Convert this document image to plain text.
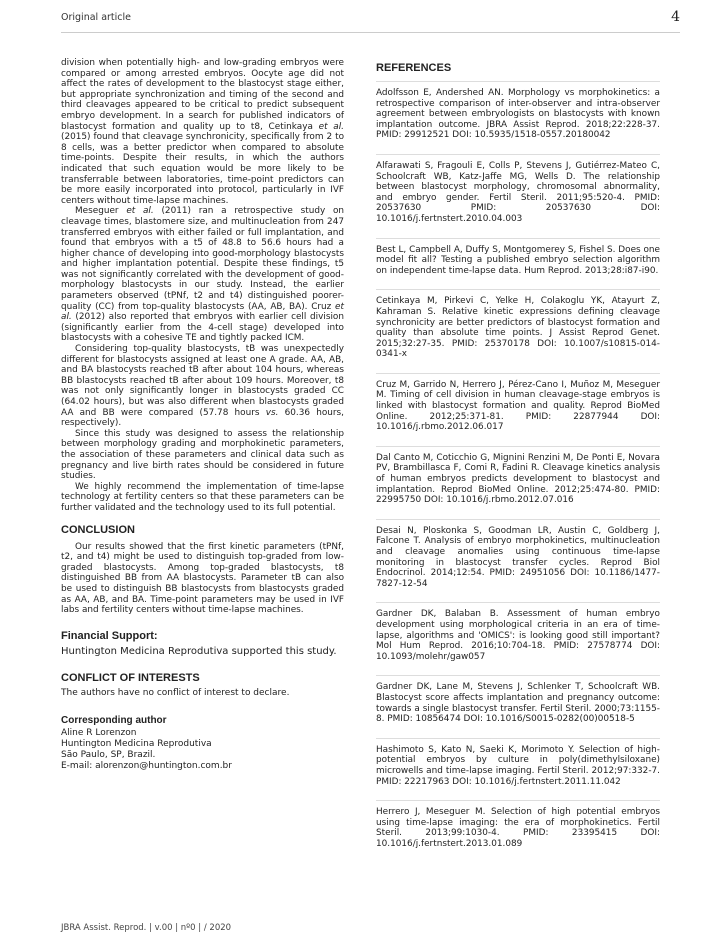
Original article	4

division when potentially high- and low-grading embryos were compared or among arrested embryos. Oocyte age did not affect the rates of development to the blastocyst stage either, but appropriate synchronization and timing of the second and third cleavages appeared to be critical to predict subsequent embryo development. In a search for published indicators of blastocyst formation and quality up to t8, Cetinkaya et al. (2015) found that cleavage synchronicity, specifically from 2 to 8 cells, was a better predictor when compared to absolute time-points. Despite their results, in which the authors indicated that such equation would be more likely to be transferrable between laboratories, time-point predictors can be more easily incorporated into protocol, particularly in IVF centers without time-lapse machines.

Meseguer et al. (2011) ran a retrospective study on cleavage times, blastomere size, and multinucleation from 247 transferred embryos with either failed or full implantation, and found that embryos with a t5 of 48.8 to 56.6 hours had a higher chance of developing into good-morphology blastocysts and higher implantation potential. Despite these findings, t5 was not significantly correlated with the development of good-morphology blastocysts in our study. Instead, the earlier parameters observed (tPNf, t2 and t4) distinguished poorer-quality (CC) from top-quality blastocysts (AA, AB, BA). Cruz et al. (2012) also reported that embryos with earlier cell division (significantly earlier from the 4-cell stage) developed into blastocysts with a cohesive TE and tightly packed ICM.

Considering top-quality blastocysts, tB was unexpectedly different for blastocysts assigned at least one A grade. AA, AB, and BA blastocysts reached tB after about 104 hours, whereas BB blastocysts reached tB after about 109 hours. Moreover, t8 was not only significantly longer in blastocysts graded CC (64.02 hours), but was also different when blastocysts graded AA and BB were compared (57.78 hours vs. 60.36 hours, respectively).

Since this study was designed to assess the relationship between morphology grading and morphokinetic parameters, the association of these parameters and clinical data such as pregnancy and live birth rates should be considered in future studies.

We highly recommend the implementation of time-lapse technology at fertility centers so that these parameters can be further validated and the technology used to its full potential.

CONCLUSION

Our results showed that the first kinetic parameters (tPNf, t2, and t4) might be used to distinguish top-graded from low-graded blastocysts. Among top-graded blastocysts, t8 distinguished BB from AA blastocysts. Parameter tB can also be used to distinguish BB blastocysts from blastocysts graded as AA, AB, and BA. Time-point parameters may be used in IVF labs and fertility centers without time-lapse machines.

Financial Support:

Huntington Medicina Reprodutiva supported this study.

CONFLICT OF INTERESTS

The authors have no conflict of interest to declare.

Corresponding author

Aline R Lorenzon

Huntington Medicina Reprodutiva

São Paulo, SP, Brazil.

E-mail: alorenzon@huntington.com.br

REFERENCES

Adolfsson E, Andershed AN. Morphology vs morphokinetics: a retrospective comparison of inter-observer and intra-observer agreement between embryologists on blastocysts with known implantation outcome. JBRA Assist Reprod. 2018;22:228-37. PMID: 29912521 DOI: 10.5935/1518-0557.20180042

Alfarawati S, Fragouli E, Colls P, Stevens J, Gutiérrez-Mateo C, Schoolcraft WB, Katz-Jaffe MG, Wells D. The relationship between blastocyst morphology, chromosomal abnormality, and embryo gender. Fertil Steril. 2011;95:520-4. PMID: 20537630 PMID: 20537630 DOI: 10.1016/j.fertnstert.2010.04.003

Best L, Campbell A, Duffy S, Montgomerey S, Fishel S. Does one model fit all? Testing a published embryo selection algorithm on independent time-lapse data. Hum Reprod. 2013;28:i87-i90.

Cetinkaya M, Pirkevi C, Yelke H, Colakoglu YK, Atayurt Z, Kahraman S. Relative kinetic expressions defining cleavage synchronicity are better predictors of blastocyst formation and quality than absolute time points. J Assist Reprod Genet. 2015;32:27-35. PMID: 25370178 DOI: 10.1007/s10815-014-0341-x

Cruz M, Garrido N, Herrero J, Pérez-Cano I, Muñoz M, Meseguer M. Timing of cell division in human cleavage-stage embryos is linked with blastocyst formation and quality. Reprod BioMed Online. 2012;25:371-81. PMID: 22877944 DOI: 10.1016/j.rbmo.2012.06.017

Dal Canto M, Coticchio G, Mignini Renzini M, De Ponti E, Novara PV, Brambillasca F, Comi R, Fadini R. Cleavage kinetics analysis of human embryos predicts development to blastocyst and implantation. Reprod BioMed Online. 2012;25:474-80. PMID: 22995750 DOI: 10.1016/j.rbmo.2012.07.016

Desai N, Ploskonka S, Goodman LR, Austin C, Goldberg J, Falcone T. Analysis of embryo morphokinetics, multinucleation and cleavage anomalies using continuous time-lapse monitoring in blastocyst transfer cycles. Reprod Biol Endocrinol. 2014;12:54. PMID: 24951056 DOI: 10.1186/1477-7827-12-54

Gardner DK, Balaban B. Assessment of human embryo development using morphological criteria in an era of time-lapse, algorithms and 'OMICS': is looking good still important? Mol Hum Reprod. 2016;10:704-18. PMID: 27578774 DOI: 10.1093/molehr/gaw057

Gardner DK, Lane M, Stevens J, Schlenker T, Schoolcraft WB. Blastocyst score affects implantation and pregnancy outcome: towards a single blastocyst transfer. Fertil Steril. 2000;73:1155-8. PMID: 10856474 DOI: 10.1016/S0015-0282(00)00518-5

Hashimoto S, Kato N, Saeki K, Morimoto Y. Selection of high-potential embryos by culture in poly(dimethylsiloxane) microwells and time-lapse imaging. Fertil Steril. 2012;97:332-7. PMID: 22217963 DOI: 10.1016/j.fertnstert.2011.11.042

Herrero J, Meseguer M. Selection of high potential embryos using time-lapse imaging: the era of morphokinetics. Fertil Steril. 2013;99:1030-4. PMID: 23395415 DOI: 10.1016/j.fertnstert.2013.01.089

JBRA Assist. Reprod. | v.00 | nº0 | / 2020
